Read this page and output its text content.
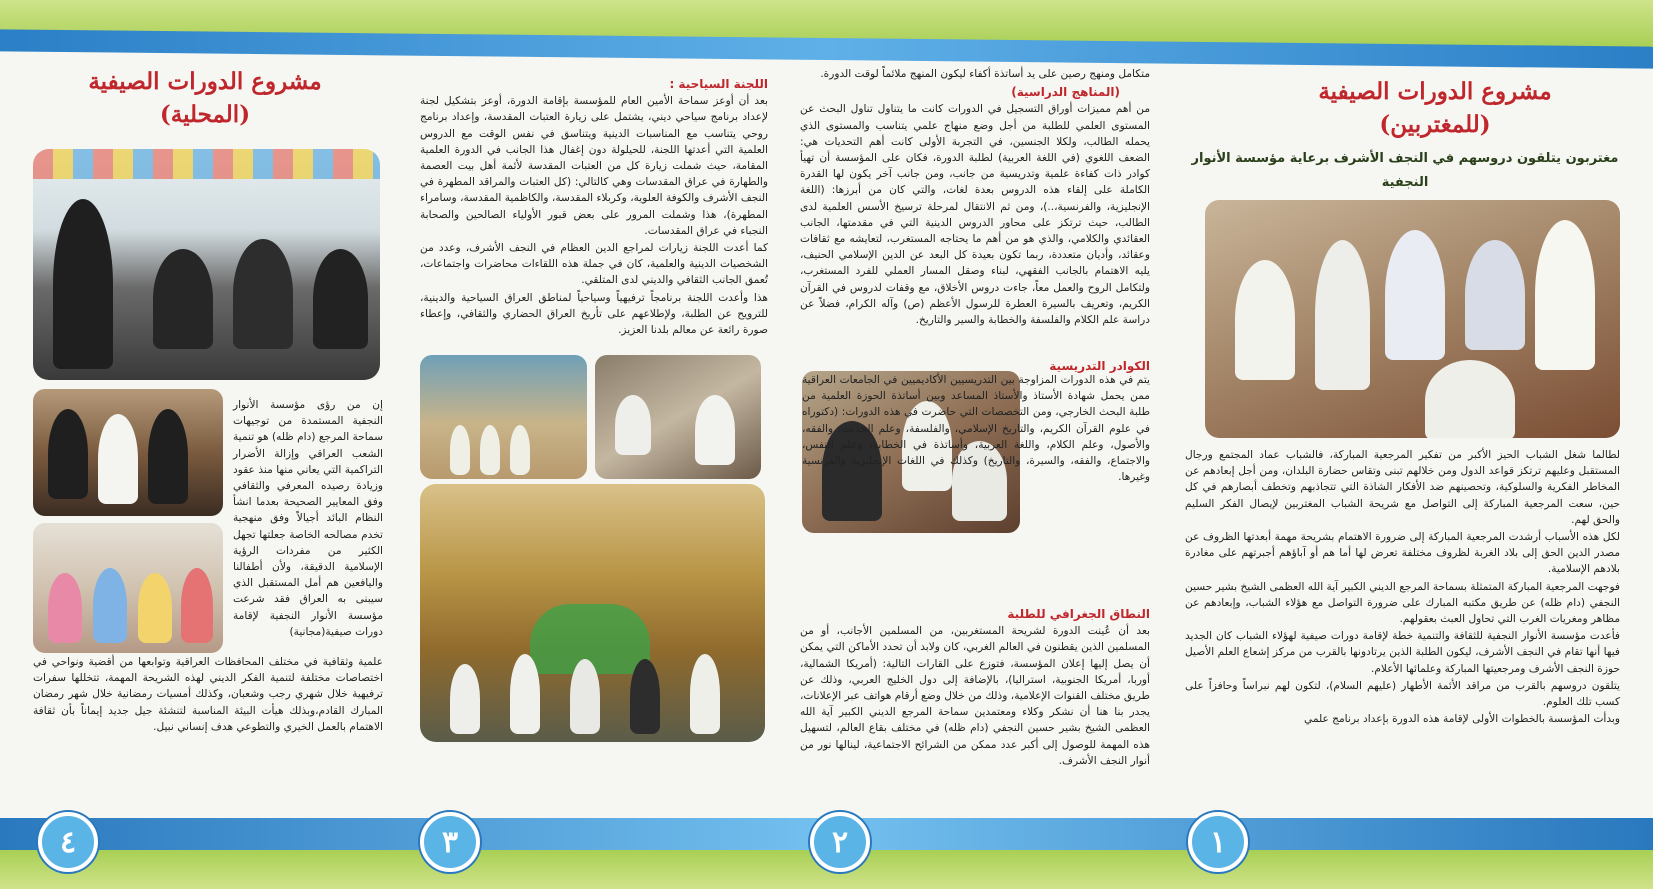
مشروع الدورات الصيفية
(للمغتربين)
مغتربون يتلقون دروسهم في النجف الأشرف برعاية مؤسسة الأنوار النجفية

لطالما شغل الشباب الحيز الأكبر من تفكير المرجعية المباركة، فالشباب عماد المجتمع ورجال المستقبل وعليهم ترتكز قواعد الدول ومن خلالهم تبنى وتقاس حضارة البلدان، ومن أجل إبعادهم عن المخاطر الفكرية والسلوكية، وتحصينهم ضد الأفكار الشاذة التي تتجاذبهم وتخطف أبصارهم في كل حين، سعت المرجعية المباركة إلى التواصل مع شريحة الشباب المغتربين لإيصال الفكر السليم والحق لهم.

لكل هذه الأسباب أرشدت المرجعية المباركة إلى ضرورة الاهتمام بشريحة مهمة أبعدتها الظروف عن مصدر الدين الحق إلى بلاد الغربة لظروف مختلفة تعرض لها أما هم أو آباؤهم أجبرتهم على مغادرة بلادهم الإسلامية.

فوجهت المرجعية المباركة المتمثلة بسماحة المرجع الديني الكبير آية الله العظمى الشيخ بشير حسين النجفي (دام ظله) عن طريق مكتبه المبارك على ضرورة التواصل مع هؤلاء الشباب، وإبعادهم عن مظاهر ومغريات الغرب التي تحاول العبث بعقولهم.

فأعدت مؤسسة الأنوار النجفية للثقافة والتنمية خطة لإقامة دورات صيفية لهؤلاء الشباب كان الجديد فيها أنها تقام في النجف الأشرف، ليكون الطلبة الذين يرتادونها بالقرب من مركز إشعاع العلم الأصيل حوزة النجف الأشرف ومرجعيتها المباركة وعلمائها الأعلام.

يتلقون دروسهم بالقرب من مراقد الأئمة الأطهار (عليهم السلام)، لتكون لهم نبراساً وحافزاً على كسب تلك العلوم.

وبدأت المؤسسة بالخطوات الأولى لإقامة هذه الدورة بإعداد برنامج علمي

متكامل ومنهج رصين على يد أساتذة أكفاء ليكون المنهج ملائماً لوقت الدورة.

(المناهج الدراسية)

من أهم مميزات أوراق التسجيل في الدورات كانت ما يتناول تناول البحث عن المستوى العلمي للطلبة من أجل وضع منهاج علمي يتناسب والمستوى الذي يحمله الطالب، ولكلا الجنسين، في التجربة الأولى كانت أهم التحديات هي: الضعف اللغوي (في اللغة العربية) لطلبة الدورة، فكان على المؤسسة أن تهيأ كوادر ذات كفاءة علمية وتدريسية من جانب، ومن جانب آخر يكون لها القدرة الكاملة على إلقاء هذه الدروس بعدة لغات، والتي كان من أبرزها: (اللغة الإنجليزية، والفرنسية،..)، ومن ثم الانتقال لمرحلة ترسيخ الأسس العلمية لدى الطالب، حيث ترتكز على محاور الدروس الدينية التي في مقدمتها، الجانب العقائدي والكلامي، والذي هو من أهم ما يحتاجه المستغرب، لتعايشه مع ثقافات وعقائد، وأديان متعددة، ربما تكون بعيدة كل البعد عن الدين الإسلامي الحنيف، يليه الاهتمام بالجانب الفقهي، لبناء وصقل المسار العملي للفرد المستغرب، ولتكامل الروح والعمل معاً، جاءت دروس الأخلاق، مع وقفات لدروس في القرآن الكريم، وتعريف بالسيرة العطرة للرسول الأعظم (ص) وآله الكرام، فضلاً عن دراسة علم الكلام والفلسفة والخطابة والسير والتاريخ.

الكوادر التدريسية

يتم في هذه الدورات المزاوجة بين التدريسيين الأكاديميين في الجامعات العراقية ممن يحمل شهادة الأستاذ والأستاذ المساعد وبين أساتذة الحوزة العلمية من طلبة البحث الخارجي، ومن التخصصات التي حاضرت في هذه الدورات: (دكتوراه في علوم القرآن الكريم، والتاريخ الإسلامي، والفلسفة، وعلم الحديث، والفقه، والأصول، وعلم الكلام، واللغة العربية، وأساتذة في الخطابة، وعلم النفس، والاجتماع، والفقه، والسيرة، والتاريخ) وكذلك في اللغات الإنجليزية والفرنسية وغيرها.

النطاق الجغرافي للطلبة

بعد أن عُينت الدورة لشريحة المستغربين، من المسلمين الأجانب، أو من المسلمين الذين يقطنون في العالم الغربي، كان ولابد أن تحدد الأماكن التي يمكن أن يصل إليها إعلان المؤسسة، فتوزع على القارات التالية: (أمريكا الشمالية، أوربا، أمريكا الجنوبية، استراليا)، بالإضافة إلى دول الخليج العربي، وذلك عن طريق مختلف القنوات الإعلامية، وذلك من خلال وضع أرقام هواتف عبر الإعلانات، يجدر بنا هنا أن نشكر وكلاء ومعتمدين سماحة المرجع الديني الكبير آية الله العظمى الشيخ بشير حسين النجفي (دام ظله) في مختلف بقاع العالم، لتسهيل هذه المهمة للوصول إلى أكبر عدد ممكن من الشرائح الاجتماعية، لينالها نور من أنوار النجف الأشرف.

اللجنة السياحية :

بعد أن أوعز سماحة الأمين العام للمؤسسة بإقامة الدورة، أوعز بتشكيل لجنة لإعداد برنامج سياحي ديني، يشتمل على زيارة العتبات المقدسة، وإعداد برنامج روحي يتناسب مع المناسبات الدينية ويتناسق في نفس الوقت مع الدروس العلمية التي أعدتها اللجنة، للحيلولة دون إغفال هذا الجانب في الدورة العلمية المقامة، حيث شملت زيارة كل من العتبات المقدسة لأئمة أهل بيت العصمة والطهارة في عراق المقدسات وهي كالتالي: (كل العتبات والمراقد المطهرة في النجف الأشرف والكوفة العلوية، وكربلاء المقدسة، والكاظمية المقدسة، وسامراء المطهرة)، هذا وشملت المرور على بعض قبور الأولياء الصالحين والصحابة النجباء في عراق المقدسات.

كما أعدت اللجنة زيارات لمراجع الدين العظام في النجف الأشرف، وعدد من الشخصيات الدينية والعلمية، كان في جملة هذه اللقاءات محاضرات واجتماعات، تُعمق الجانب الثقافي والديني لدى المتلقي.

هذا وأعدت اللجنة برنامجاً ترفيهياً وسياحياً لمناطق العراق السياحية والدينية، للترويح عن الطلبة، ولإطلاعهم على تأريخ العراق الحضاري والثقافي، وإعطاء صورة رائعة عن معالم بلدنا العزيز.

مشروع الدورات الصيفية
(المحلية)

إن من رؤى مؤسسة الأنوار النجفية المستمدة من توجيهات سماحة المرجع (دام ظله) هو تنمية الشعب العراقي وإزالة الأضرار التراكمية التي يعاني منها منذ عقود وزيادة رصيده المعرفي والثقافي وفق المعايير الصحيحة بعدما انشأ النظام البائد أجيالاً وفق منهجية تخدم مصالحه الخاصة جعلتها تجهل الكثير من مفردات الرؤية الإسلامية الدقيقة، ولأن أطفالنا واليافعين هم أمل المستقبل الذي سيبنى به العراق فقد شرعت مؤسسة الأنوار النجفية لإقامة دورات صيفية(مجانية)

علمية وثقافية في مختلف المحافظات العراقية وتوابعها من أقضية ونواحي في اختصاصات مختلفة لتنمية الفكر الديني لهذه الشريحة المهمة، تتخللها سفرات ترفيهية خلال شهري رجب وشعبان، وكذلك أمسيات رمضانية خلال شهر رمضان المبارك القادم،وبذلك هيأت البيئة المناسبة لتنشئة جيل جديد إيماناً بأن ثقافة الاهتمام بالعمل الخيري والتطوعي هدف إنساني نبيل.

١
٢
٣
٤
